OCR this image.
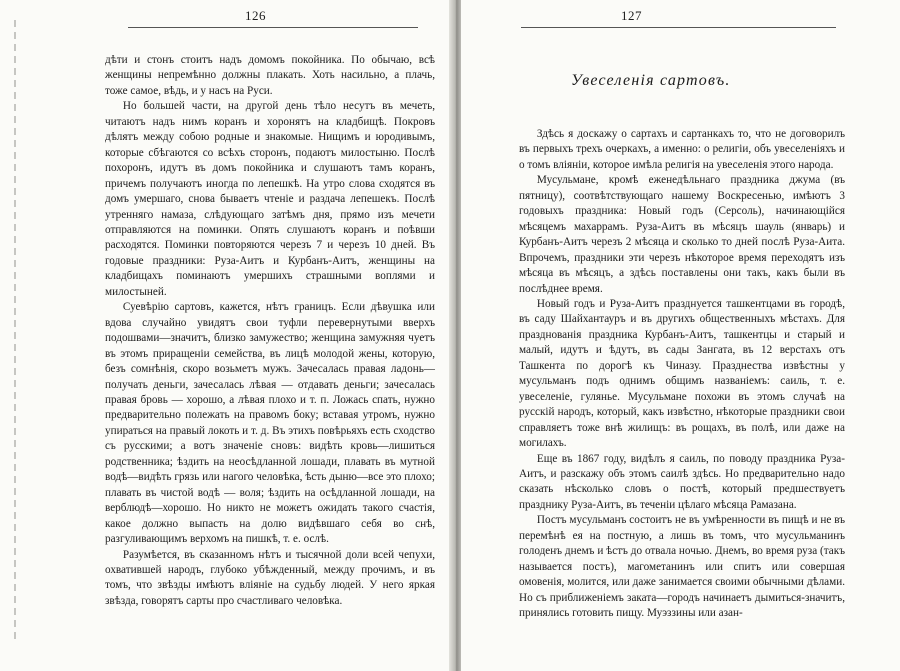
126

дѣти и стонъ стоитъ надъ домомъ покойника. По обычаю, всѣ женщины непремѣнно должны плакать. Хоть насильно, а плачь, тоже самое, вѣдь, и у насъ на Руси.

Но большей части, на другой день тѣло несутъ въ мечеть, читаютъ надъ нимъ коранъ и хоронятъ на кладбищѣ. Покровъ дѣлятъ между собою родные и знакомые. Нищимъ и юродивымъ, которые сбѣгаются со всѣхъ сторонъ, подаютъ милостыню. Послѣ похоронъ, идутъ въ домъ покойника и слушаютъ тамъ коранъ, причемъ получаютъ иногда по лепешкѣ. На утро слова сходятся въ домъ умершаго, снова бываетъ чтеніе и раздача лепешекъ. Послѣ утренняго намаза, слѣдующаго затѣмъ дня, прямо изъ мечети отправляются на поминки. Опять слушаютъ коранъ и поѣвши расходятся. Поминки повторяются черезъ 7 и черезъ 10 дней. Въ годовые праздники: Руза-Аитъ и Курбанъ-Аитъ, женщины на кладбищахъ поминаютъ умершихъ страшными воплями и милостыней.

Суевѣрію сартовъ, кажется, нѣтъ границъ. Если дѣвушка или вдова случайно увидятъ свои туфли перевернутыми вверхъ подошвами—значитъ, близко замужество; женщина замужняя чуетъ въ этомъ приращеніи семейства, въ лицѣ молодой жены, которую, безъ сомнѣнія, скоро возьметъ мужъ. Зачесалась правая ладонь—получать деньги, зачесалась лѣвая — отдавать деньги; зачесалась правая бровь — хорошо, а лѣвая плохо и т. п. Ложась спать, нужно предварительно полежать на правомъ боку; вставая утромъ, нужно упираться на правый локоть и т. д. Въ этихъ повѣрьяхъ есть сходство съ русскими; а вотъ значеніе сновъ: видѣть кровь—лишиться родственника; ѣздить на неосѣдланной лошади, плавать въ мутной водѣ—видѣть грязь или нагого человѣка, ѣсть дыню—все это плохо; плавать въ чистой водѣ — воля; ѣздить на осѣдланной лошади, на верблюдѣ—хорошо. Но никто не можетъ ожидать такого счастія, какое должно выпасть на долю видѣвшаго себя во снѣ, разгуливающимъ верхомъ на пишкѣ, т. е. ослѣ.

Разумѣется, въ сказанномъ нѣтъ и тысячной доли всей чепухи, охватившей народъ, глубоко убѣжденный, между прочимъ, и въ томъ, что звѣзды имѣютъ вліяніе на судьбу людей. У него яркая звѣзда, говорятъ сарты про счастливаго человѣка.

127
Увеселенія сартовъ.

Здѣсь я доскажу о сартахъ и сартанкахъ то, что не договорилъ въ первыхъ трехъ очеркахъ, а именно: о религіи, объ увеселеніяхъ и о томъ вліяніи, которое имѣла религія на увеселенія этого народа.

Мусульмане, кромѣ еженедѣльнаго праздника джума (въ пятницу), соотвѣтствующаго нашему Воскресенью, имѣютъ 3 годовыхъ праздника: Новый годъ (Серсоль), начинающійся мѣсяцемъ махаррамъ. Руза-Аитъ въ мѣсяцъ шауль (январь) и Курбанъ-Аитъ черезъ 2 мѣсяца и сколько то дней послѣ Руза-Аита. Впрочемъ, праздники эти черезъ нѣкоторое время переходятъ изъ мѣсяца въ мѣсяцъ, а здѣсь поставлены они такъ, какъ были въ послѣднее время.

Новый годъ и Руза-Аитъ празднуется ташкентцами въ городѣ, въ саду Шайхантауръ и въ другихъ общественныхъ мѣстахъ. Для празднованія праздника Курбанъ-Аитъ, ташкентцы и старый и малый, идутъ и ѣдутъ, въ сады Зангата, въ 12 верстахъ отъ Ташкента по дорогѣ къ Чиназу. Празднества извѣстны у мусульманъ подъ однимъ общимъ названіемъ: саиль, т. е. увеселеніе, гулянье. Мусульмане похожи въ этомъ случаѣ на русскій народъ, который, какъ извѣстно, нѣкоторые праздники свои справляетъ тоже внѣ жилищъ: въ рощахъ, въ полѣ, или даже на могилахъ.

Еще въ 1867 году, видѣлъ я саиль, по поводу праздника Руза-Аитъ, и разскажу объ этомъ саилѣ здѣсь. Но предварительно надо сказать нѣсколько словъ о постѣ, который предшествуетъ празднику Руза-Аитъ, въ теченіи цѣлаго мѣсяца Рамазана.

Постъ мусульманъ состоитъ не въ умѣренности въ пищѣ и не въ перемѣнѣ ея на постную, а лишь въ томъ, что мусульманинъ голоденъ днемъ и ѣстъ до отвала ночью. Днемъ, во время руза (такъ называется постъ), магометанинъ или спитъ или совершая омовенія, молится, или даже занимается своими обычными дѣлами. Но съ приближеніемъ заката—городъ начинаетъ дымиться-значитъ, принялись готовить пищу. Муэззины или азан-
